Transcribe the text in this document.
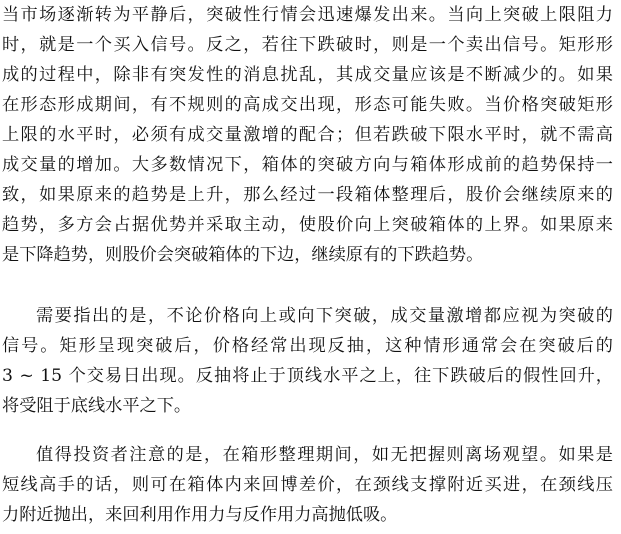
当市场逐渐转为平静后，突破性行情会迅速爆发出来。当向上突破上限阻力
时，就是一个买入信号。反之，若往下跌破时，则是一个卖出信号。矩形形
成的过程中，除非有突发性的消息扰乱，其成交量应该是不断减少的。如果
在形态形成期间，有不规则的高成交出现，形态可能失败。当价格突破矩形
上限的水平时，必须有成交量激增的配合；但若跌破下限水平时，就不需高
成交量的增加。大多数情况下，箱体的突破方向与箱体形成前的趋势保持一
致，如果原来的趋势是上升，那么经过一段箱体整理后，股价会继续原来的
趋势，多方会占据优势并采取主动，使股价向上突破箱体的上界。如果原来
是下降趋势，则股价会突破箱体的下边，继续原有的下跌趋势。
需要指出的是，不论价格向上或向下突破，成交量激增都应视为突破的
信号。矩形呈现突破后，价格经常出现反抽，这种情形通常会在突破后的
3 ~ 15 个交易日出现。反抽将止于顶线水平之上，往下跌破后的假性回升，
将受阻于底线水平之下。
值得投资者注意的是，在箱形整理期间，如无把握则离场观望。如果是
短线高手的话，则可在箱体内来回博差价，在颈线支撑附近买进，在颈线压
力附近抛出，来回利用作用力与反作用力高抛低吸。
